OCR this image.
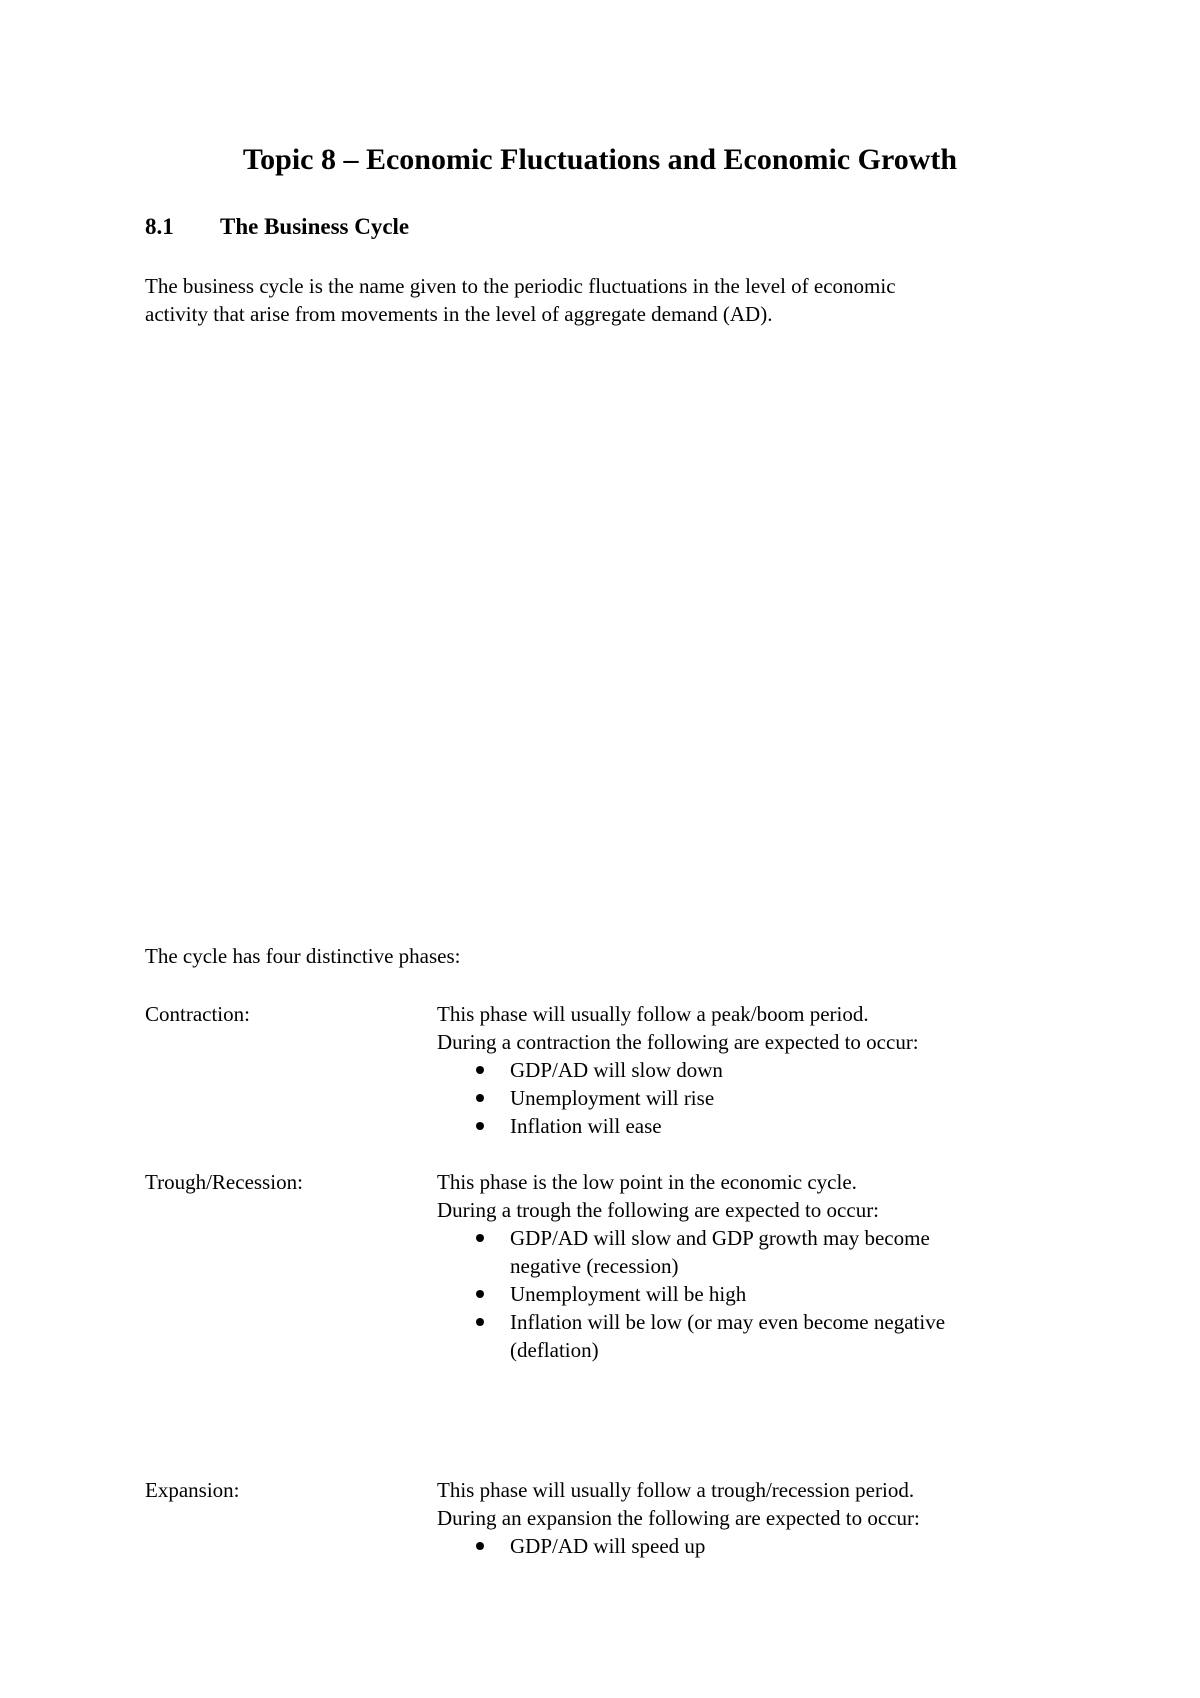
Topic 8 – Economic Fluctuations and Economic Growth
8.1 The Business Cycle
The business cycle is the name given to the periodic fluctuations in the level of economic
activity that arise from movements in the level of aggregate demand (AD).
The cycle has four distinctive phases:
Contraction:	This phase will usually follow a peak/boom period.
During a contraction the following are expected to occur:
GDP/AD will slow down
Unemployment will rise
Inflation will ease
Trough/Recession:	This phase is the low point in the economic cycle.
During a trough the following are expected to occur:
GDP/AD will slow and GDP growth may become
negative (recession)
Unemployment will be high
Inflation will be low (or may even become negative
(deflation)
Expansion:	This phase will usually follow a trough/recession period.
During an expansion the following are expected to occur:
GDP/AD will speed up
